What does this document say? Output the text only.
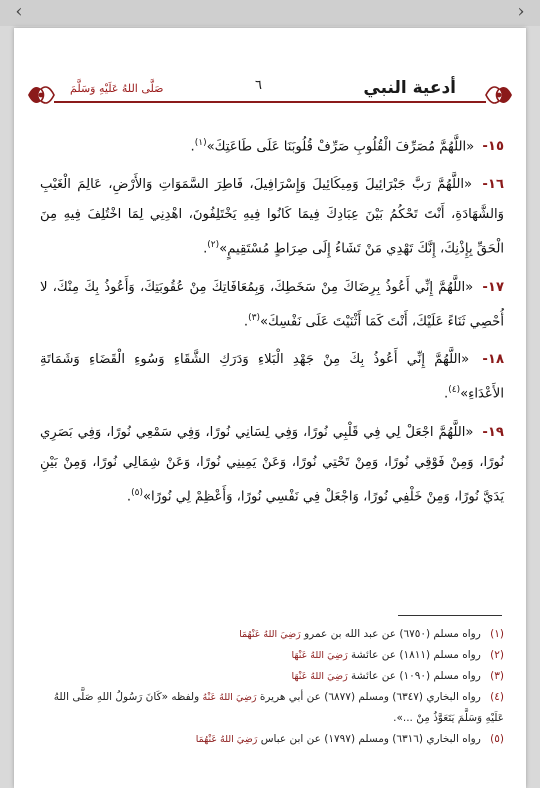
‹	›
أدعية النبي
٦
صَلَّى اللهُ عَلَيْهِ وَسَلَّمَ

١٥- «اللَّهُمَّ مُصَرِّفَ الْقُلُوبِ صَرِّفْ قُلُوبَنَا عَلَى طَاعَتِكَ»$^{(١)}$.

١٦- «اللَّهُمَّ رَبَّ جَبْرَائِيلَ وَمِيكَائِيلَ وَإِسْرَافِيلَ، فَاطِرَ السَّمَوَاتِ وَالأَرْضِ، عَالِمَ الْغَيْبِ وَالشَّهَادَةِ، أَنْتَ تَحْكُمُ بَيْنَ عِبَادِكَ فِيمَا كَانُوا فِيهِ يَخْتَلِفُونَ، اهْدِنِي لِمَا اخْتُلِفَ فِيهِ مِنَ الْحَقِّ بِإِذْنِكَ، إِنَّكَ تَهْدِي مَنْ تَشَاءُ إِلَى صِرَاطٍ مُسْتَقِيمٍ»$^{(٢)}$.

١٧- «اللَّهُمَّ إِنِّي أَعُوذُ بِرِضَاكَ مِنْ سَخَطِكَ، وَبِمُعَافَاتِكَ مِنْ عُقُوبَتِكَ، وَأَعُوذُ بِكَ مِنْكَ، لا أُحْصِي ثَنَاءً عَلَيْكَ، أَنْتَ كَمَا أَثْنَيْتَ عَلَى نَفْسِكَ»$^{(٣)}$.

١٨- «اللَّهُمَّ إِنِّي أَعُوذُ بِكَ مِنْ جَهْدِ الْبَلاءِ وَدَرَكِ الشَّقَاءِ وَسُوءِ الْقَضَاءِ وَشَمَاتَةِ الأَعْدَاءِ»$^{(٤)}$.

١٩- «اللَّهُمَّ اجْعَلْ لِي فِي قَلْبِي نُورًا، وَفِي لِسَانِي نُورًا، وَفِي سَمْعِي نُورًا، وَفِي بَصَرِي نُورًا، وَمِنْ فَوْقِي نُورًا، وَمِنْ تَحْتِي نُورًا، وَعَنْ يَمِينِي نُورًا، وَعَنْ شِمَالِي نُورًا، وَمِنْ بَيْنِ يَدَيَّ نُورًا، وَمِنْ خَلْفِي نُورًا، وَاجْعَلْ فِي نَفْسِي نُورًا، وَأَعْظِمْ لِي نُورًا»$^{(٥)}$.

(١) رواه مسلم (٦٧٥٠) عن عبد الله بن عمرو رَضِيَ اللهُ عَنْهُمَا

(٢) رواه مسلم (١٨١١) عن عائشة رَضِيَ اللهُ عَنْهَا

(٣) رواه مسلم (١٠٩٠) عن عائشة رَضِيَ اللهُ عَنْهَا

(٤) رواه البخاري (٦٣٤٧) ومسلم (٦٨٧٧) عن أبي هريرة رَضِيَ اللهُ عَنْهُ ولفظه «كَانَ رَسُولُ اللهِ صَلَّى اللهُ عَلَيْهِ وَسَلَّمَ يَتَعَوَّذُ مِنْ ...».

(٥) رواه البخاري (٦٣١٦) ومسلم (١٧٩٧) عن ابن عباس رَضِيَ اللهُ عَنْهُمَا
